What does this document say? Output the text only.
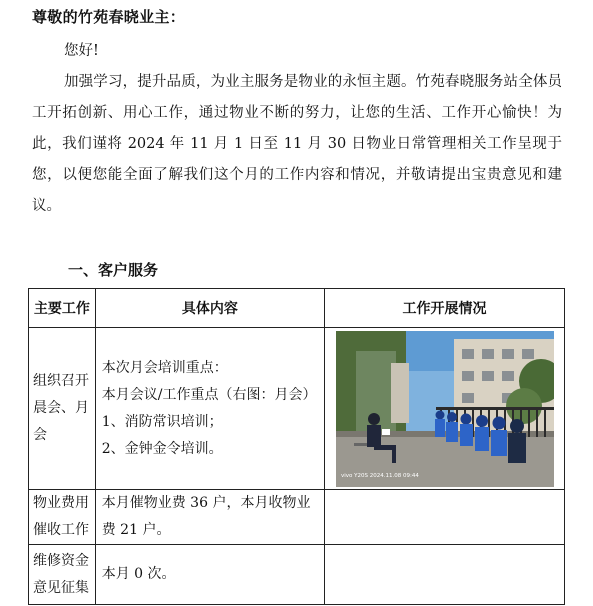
尊敬的竹苑春晓业主：
您好!
加强学习，提升品质，为业主服务是物业的永恒主题。竹苑春晓服务站全体员工开拓创新、用心工作，通过物业不断的努力，让您的生活、工作开心愉快！为此，我们谨将 2024 年 11 月 1 日至 11 月 30 日物业日常管理相关工作呈现于您，以便您能全面了解我们这个月的工作内容和情况，并敬请提出宝贵意见和建议。
一、客户服务
主要工作	具体内容	工作开展情况
组织召开晨会、月会	本次月会培训重点：
本月会议/工作重点（右图：月会）
1、消防常识培训；
2、金钟金令培训。	vivo Y20S 2024.11.08 09:44

物业费用催收工作	本月催物业费 36 户，本月收物业费 21 户。	
维修资金意见征集	本月 0 次。	
